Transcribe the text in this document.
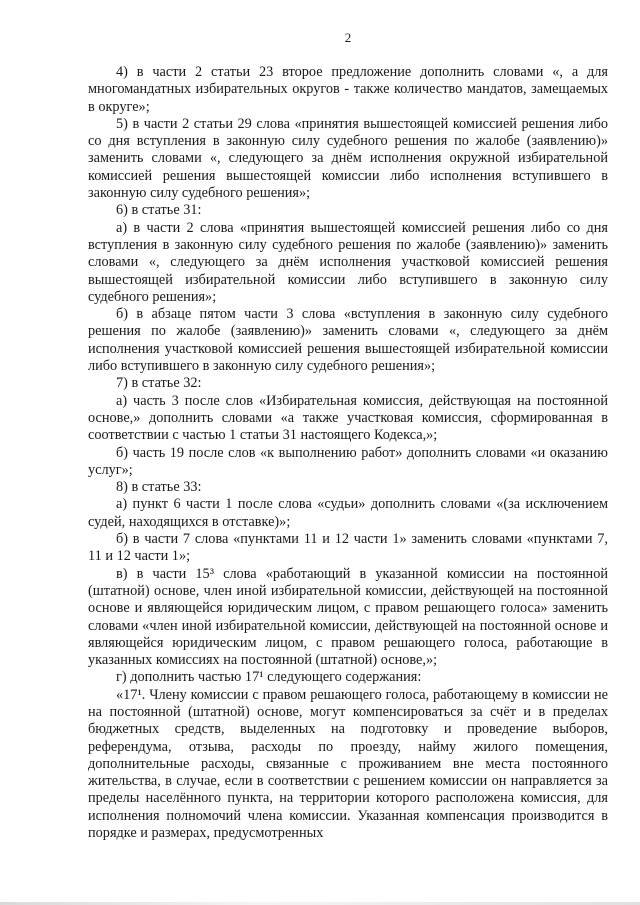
2

4) в части 2 статьи 23 второе предложение дополнить словами «, а для многомандатных избирательных округов - также количество мандатов, замещаемых в округе»;

5) в части 2 статьи 29 слова «принятия вышестоящей комиссией решения либо со дня вступления в законную силу судебного решения по жалобе (заявлению)» заменить словами «, следующего за днём исполнения окружной избирательной комиссией решения вышестоящей комиссии либо исполнения вступившего в законную силу судебного решения»;

6) в статье 31:

а) в части 2 слова «принятия вышестоящей комиссией решения либо со дня вступления в законную силу судебного решения по жалобе (заявлению)» заменить словами «, следующего за днём исполнения участковой комиссией решения вышестоящей избирательной комиссии либо вступившего в законную силу судебного решения»;

б) в абзаце пятом части 3 слова «вступления в законную силу судебного решения по жалобе (заявлению)» заменить словами «, следующего за днём исполнения участковой комиссией решения вышестоящей избирательной комиссии либо вступившего в законную силу судебного решения»;

7) в статье 32:

а) часть 3 после слов «Избирательная комиссия, действующая на постоянной основе,» дополнить словами «а также участковая комиссия, сформированная в соответствии с частью 1 статьи 31 настоящего Кодекса,»;

б) часть 19 после слов «к выполнению работ» дополнить словами «и оказанию услуг»;

8) в статье 33:

а) пункт 6 части 1 после слова «судьи» дополнить словами «(за исключением судей, находящихся в отставке)»;

б) в части 7 слова «пунктами 11 и 12 части 1» заменить словами «пунктами 7, 11 и 12 части 1»;

в) в части 15³ слова «работающий в указанной комиссии на постоянной (штатной) основе, член иной избирательной комиссии, действующей на постоянной основе и являющейся юридическим лицом, с правом решающего голоса» заменить словами «член иной избирательной комиссии, действующей на постоянной основе и являющейся юридическим лицом, с правом решающего голоса, работающие в указанных комиссиях на постоянной (штатной) основе,»;

г) дополнить частью 17¹ следующего содержания:

«17¹. Члену комиссии с правом решающего голоса, работающему в комиссии не на постоянной (штатной) основе, могут компенсироваться за счёт и в пределах бюджетных средств, выделенных на подготовку и проведение выборов, референдума, отзыва, расходы по проезду, найму жилого помещения, дополнительные расходы, связанные с проживанием вне места постоянного жительства, в случае, если в соответствии с решением комиссии он направляется за пределы населённого пункта, на территории которого расположена комиссия, для исполнения полномочий члена комиссии. Указанная компенсация производится в порядке и размерах, предусмотренных
